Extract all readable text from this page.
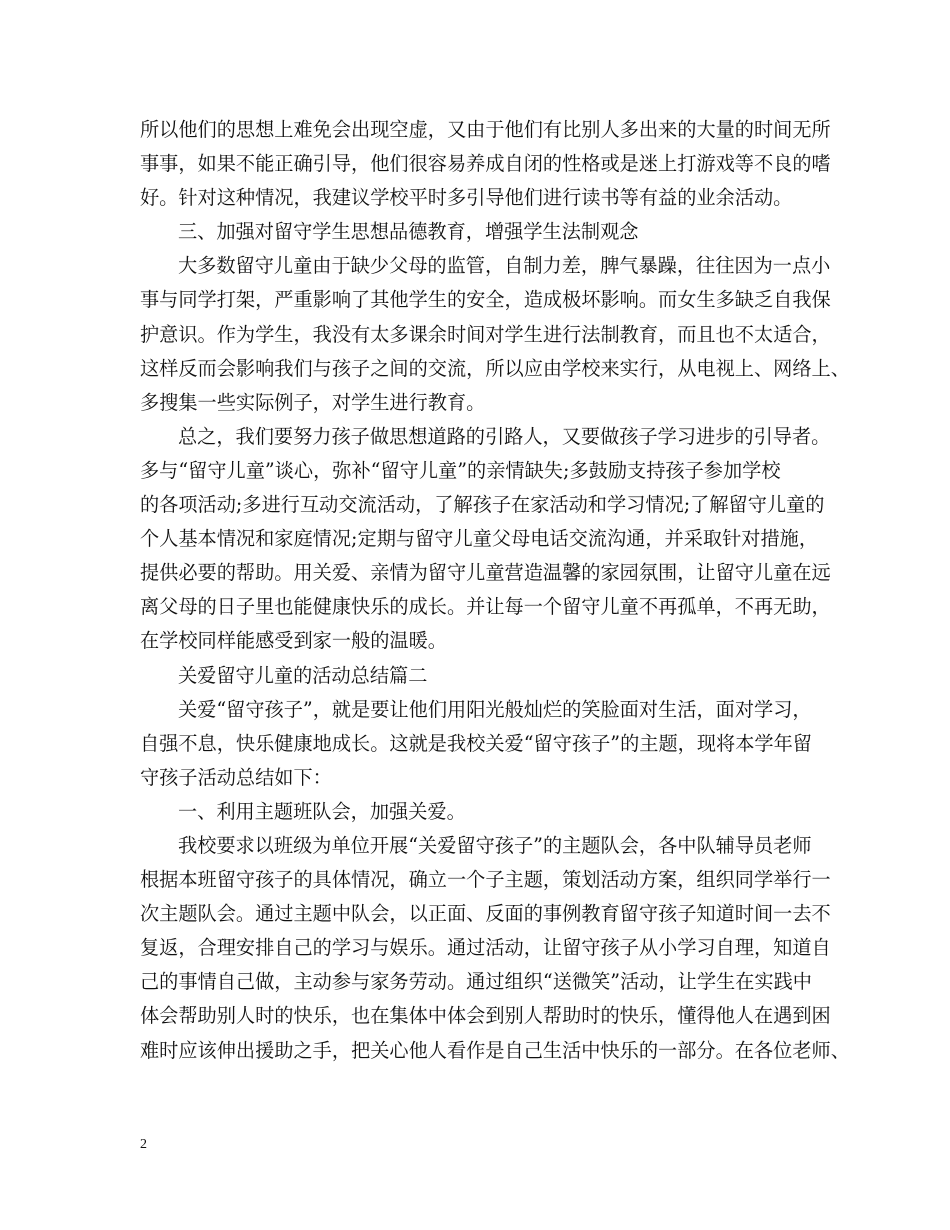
所以他们的思想上难免会出现空虚，又由于他们有比别人多出来的大量的时间无所
事事，如果不能正确引导，他们很容易养成自闭的性格或是迷上打游戏等不良的嗜
好。针对这种情况，我建议学校平时多引导他们进行读书等有益的业余活动。
三、加强对留守学生思想品德教育，增强学生法制观念
大多数留守儿童由于缺少父母的监管，自制力差，脾气暴躁，往往因为一点小
事与同学打架，严重影响了其他学生的安全，造成极坏影响。而女生多缺乏自我保
护意识。作为学生，我没有太多课余时间对学生进行法制教育，而且也不太适合，
这样反而会影响我们与孩子之间的交流，所以应由学校来实行，从电视上、网络上、
多搜集一些实际例子，对学生进行教育。
总之，我们要努力孩子做思想道路的引路人，又要做孩子学习进步的引导者。
多与“留守儿童”谈心，弥补“留守儿童”的亲情缺失;多鼓励支持孩子参加学校
的各项活动;多进行互动交流活动，了解孩子在家活动和学习情况;了解留守儿童的
个人基本情况和家庭情况;定期与留守儿童父母电话交流沟通，并采取针对措施，
提供必要的帮助。用关爱、亲情为留守儿童营造温馨的家园氛围，让留守儿童在远
离父母的日子里也能健康快乐的成长。并让每一个留守儿童不再孤单，不再无助，
在学校同样能感受到家一般的温暖。
关爱留守儿童的活动总结篇二
关爱“留守孩子”，就是要让他们用阳光般灿烂的笑脸面对生活，面对学习，
自强不息，快乐健康地成长。这就是我校关爱“留守孩子”的主题，现将本学年留
守孩子活动总结如下：
一、利用主题班队会，加强关爱。
我校要求以班级为单位开展“关爱留守孩子”的主题队会，各中队辅导员老师
根据本班留守孩子的具体情况，确立一个子主题，策划活动方案，组织同学举行一
次主题队会。通过主题中队会，以正面、反面的事例教育留守孩子知道时间一去不
复返，合理安排自己的学习与娱乐。通过活动，让留守孩子从小学习自理，知道自
己的事情自己做，主动参与家务劳动。通过组织“送微笑”活动，让学生在实践中
体会帮助别人时的快乐，也在集体中体会到别人帮助时的快乐，懂得他人在遇到困
难时应该伸出援助之手，把关心他人看作是自己生活中快乐的一部分。在各位老师、
2
